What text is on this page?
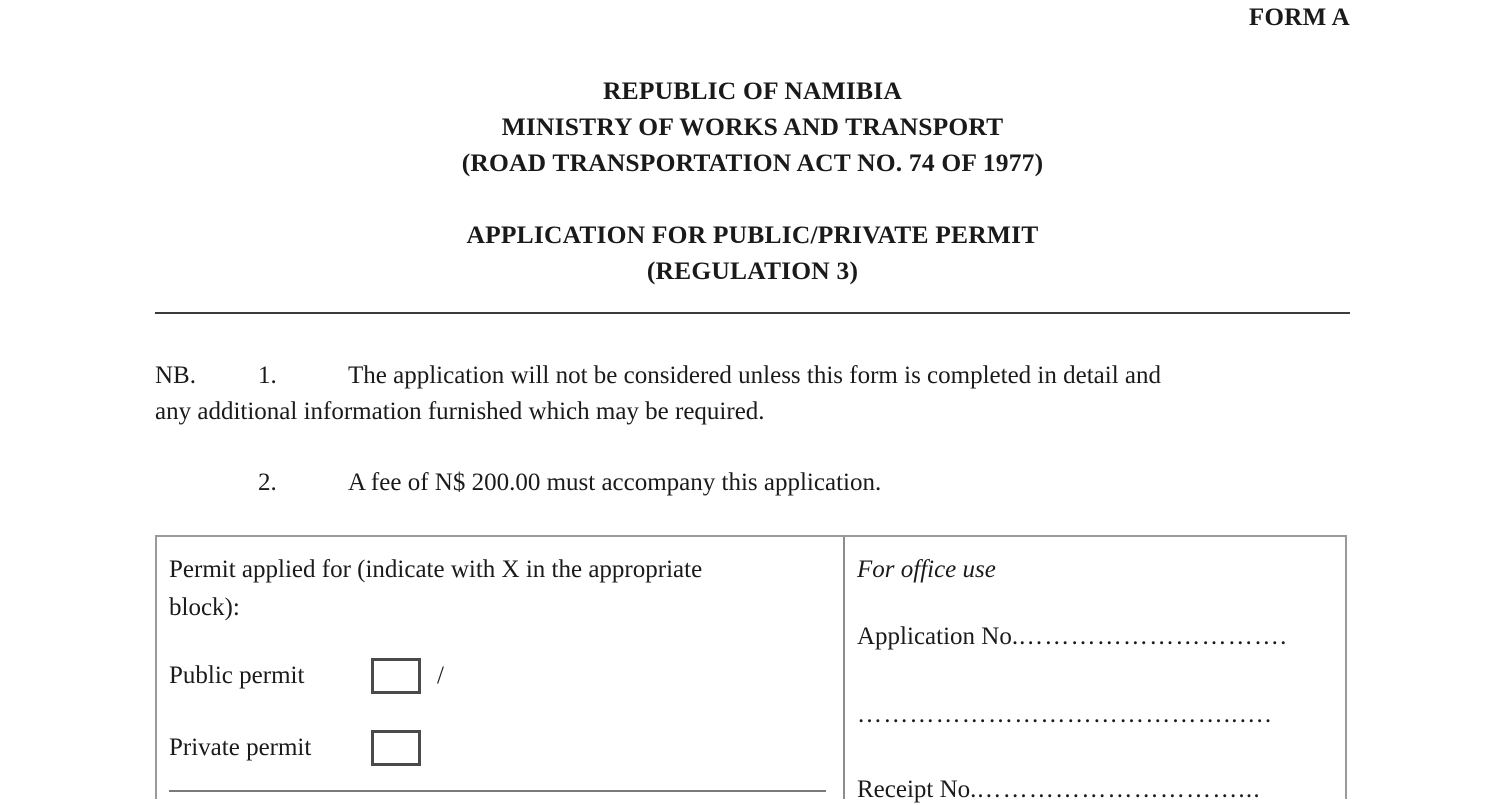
FORM A
REPUBLIC OF NAMIBIA
MINISTRY OF WORKS AND TRANSPORT
(ROAD TRANSPORTATION ACT NO. 74 OF 1977)
APPLICATION FOR PUBLIC/PRIVATE PERMIT
(REGULATION 3)
NB. 1.	The application will not be considered unless this form is completed in detail and
any additional information furnished which may be required.
2.	A fee of N$ 200.00 must accompany this application.
Permit applied for (indicate with X in the appropriate
block):
Public permit	/
Private permit
For office use
Application No.………………………….
……………………………………..….
Receipt No.…………………………...
